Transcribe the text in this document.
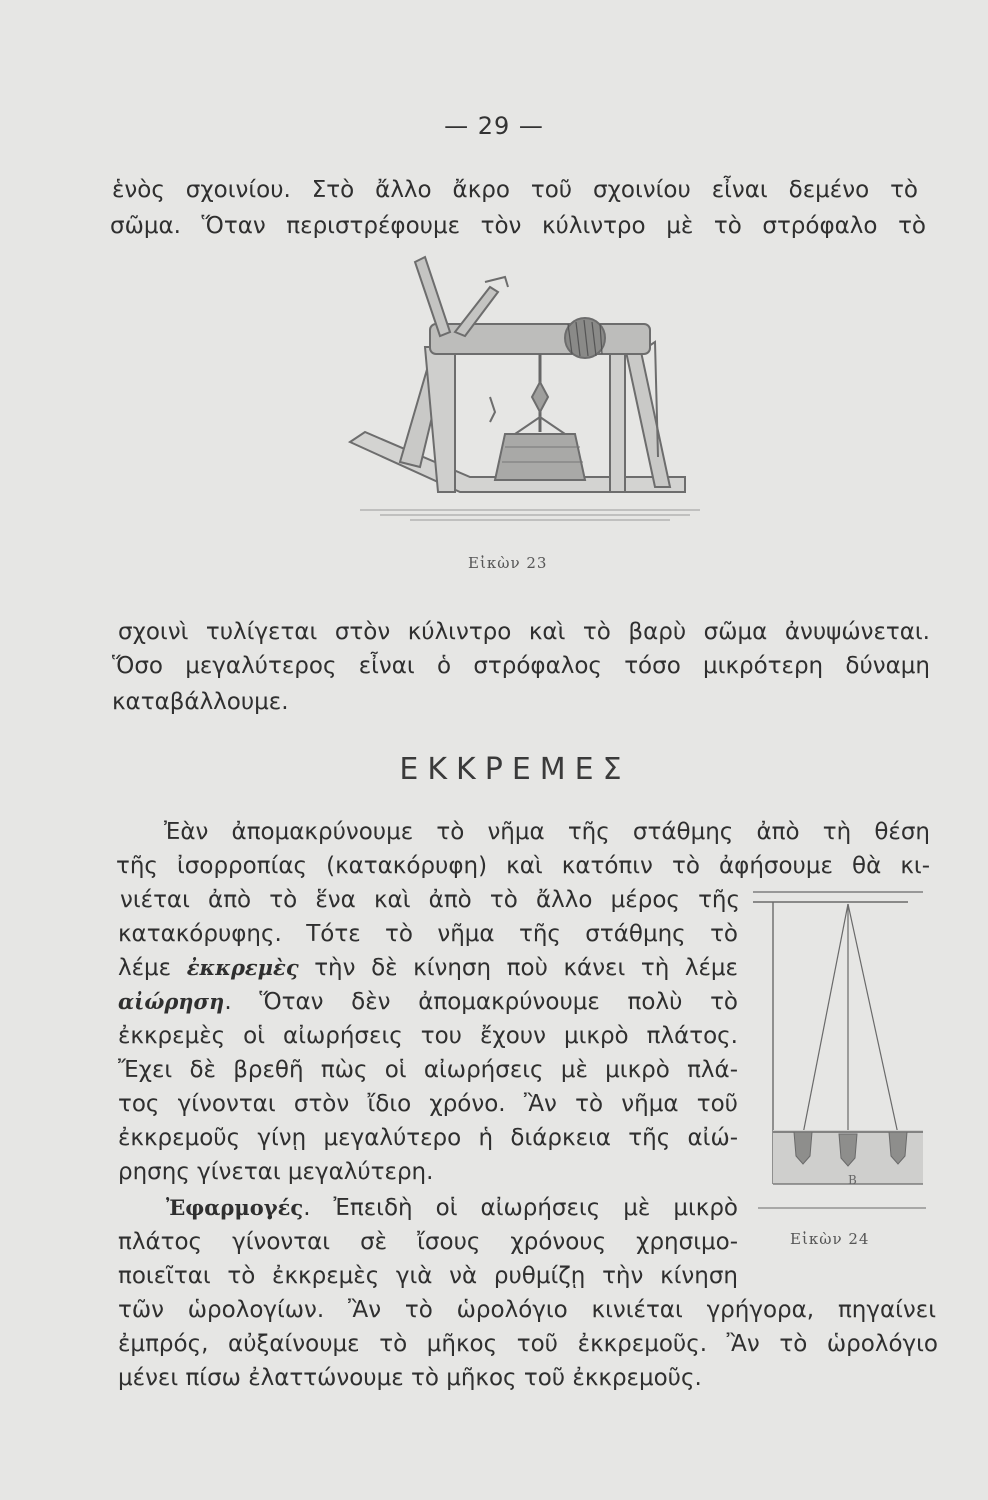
— 29 —
ἑνὸς σχοινίου. Στὸ ἄλλο ἄκρο τοῦ σχοινίου εἶναι δεμένο τὸ
σῶμα. Ὅταν περιστρέφουμε τὸν κύλιντρο μὲ τὸ στρόφαλο τὸ
Εἰκὼν 23
σχοινὶ τυλίγεται στὸν κύλιντρο καὶ τὸ βαρὺ σῶμα ἀνυψώνεται.
Ὅσο μεγαλύτερος εἶναι ὁ στρόφαλος τόσο μικρότερη δύναμη
καταβάλλουμε.
ΕΚΚΡΕΜΕΣ
Ἐὰν ἀπομακρύνουμε τὸ νῆμα τῆς στάθμης ἀπὸ τὴ θέση
τῆς ἰσορροπίας (κατακόρυφη) καὶ κατόπιν τὸ ἀφήσουμε θὰ κι-
νιέται ἀπὸ τὸ ἕνα καὶ ἀπὸ τὸ ἄλλο μέρος τῆς
κατακόρυφης. Τότε τὸ νῆμα τῆς στάθμης τὸ
λέμε ἐκκρεμὲς τὴν δὲ κίνηση ποὺ κάνει τὴ λέμε
αἰώρηση. Ὅταν δὲν ἀπομακρύνουμε πολὺ τὸ
ἐκκρεμὲς οἱ αἰωρήσεις του ἔχουν μικρὸ πλάτος.
Ἔχει δὲ βρεθῆ πὼς οἱ αἰωρήσεις μὲ μικρὸ πλά-
τος γίνονται στὸν ἴδιο χρόνο. Ἂν τὸ νῆμα τοῦ
ἐκκρεμοῦς γίνῃ μεγαλύτερο ἡ διάρκεια τῆς αἰώ-
ρησης γίνεται μεγαλύτερη.
Ἐφαρμογές. Ἐπειδὴ οἱ αἰωρήσεις μὲ μικρὸ
πλάτος γίνονται σὲ ἴσους χρόνους χρησιμο-
ποιεῖται τὸ ἐκκρεμὲς γιὰ νὰ ρυθμίζῃ τὴν κίνηση
τῶν ὡρολογίων. Ἂν τὸ ὡρολόγιο κινιέται γρήγορα, πηγαίνει
ἐμπρός, αὐξαίνουμε τὸ μῆκος τοῦ ἐκκρεμοῦς. Ἂν τὸ ὡρολόγιο
μένει πίσω ἐλαττώνουμε τὸ μῆκος τοῦ ἐκκρεμοῦς.
Β
Εἰκὼν 24
